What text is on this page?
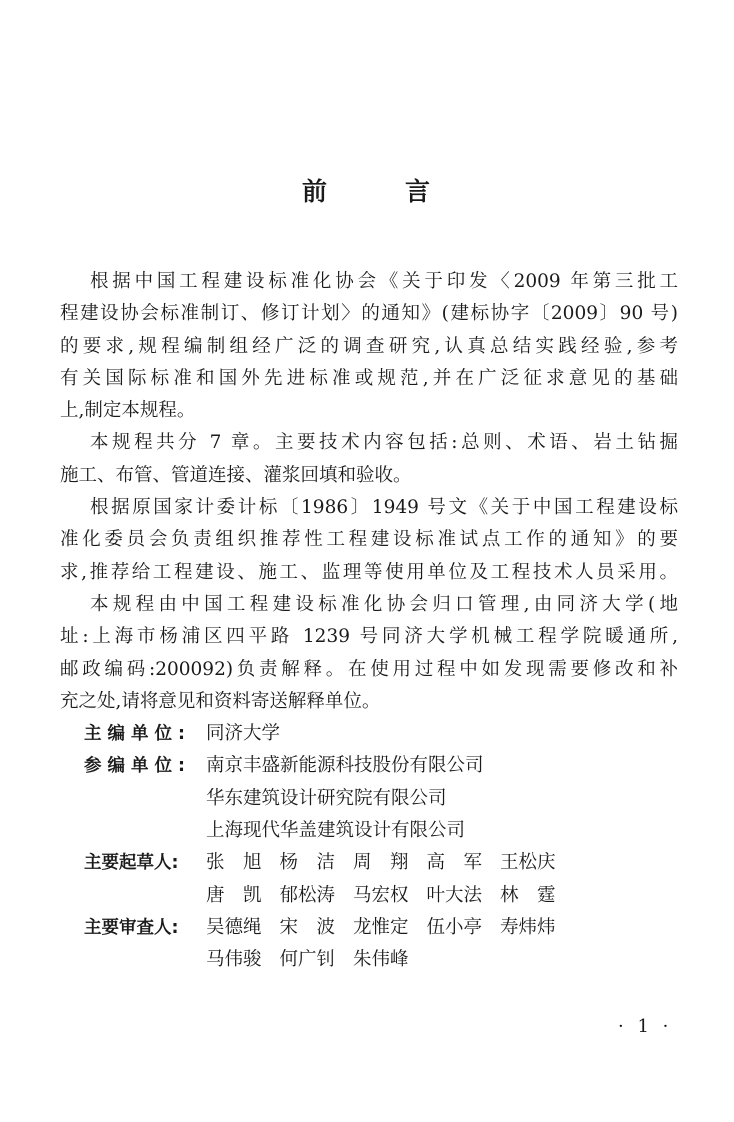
前	言
根据中国工程建设标准化协会《关于印发〈2009 年第三批工
程建设协会标准制订、修订计划〉的通知》(建标协字〔2009〕90 号)
的要求,规程编制组经广泛的调查研究,认真总结实践经验,参考
有关国际标准和国外先进标准或规范,并在广泛征求意见的基础
上,制定本规程。
本规程共分 7 章。主要技术内容包括:总则、术语、岩土钻掘
施工、布管、管道连接、灌浆回填和验收。
根据原国家计委计标〔1986〕1949 号文《关于中国工程建设标
准化委员会负责组织推荐性工程建设标准试点工作的通知》的要
求,推荐给工程建设、施工、监理等使用单位及工程技术人员采用。
本规程由中国工程建设标准化协会归口管理,由同济大学(地
址:上海市杨浦区四平路 1239 号同济大学机械工程学院暖通所,
邮政编码:200092)负责解释。在使用过程中如发现需要修改和补
充之处,请将意见和资料寄送解释单位。
主编单位: 同济大学
参编单位: 南京丰盛新能源科技股份有限公司
华东建筑设计研究院有限公司
上海现代华盖建筑设计有限公司
主要起草人:	张　旭 杨　洁 周　翔 高　军 王松庆
唐　凯 郁松涛 马宏权 叶大法 林　霆
主要审查人:	吴德绳 宋　波 龙惟定 伍小亭 寿炜炜
马伟骏 何广钊 朱伟峰
· 1 ·
